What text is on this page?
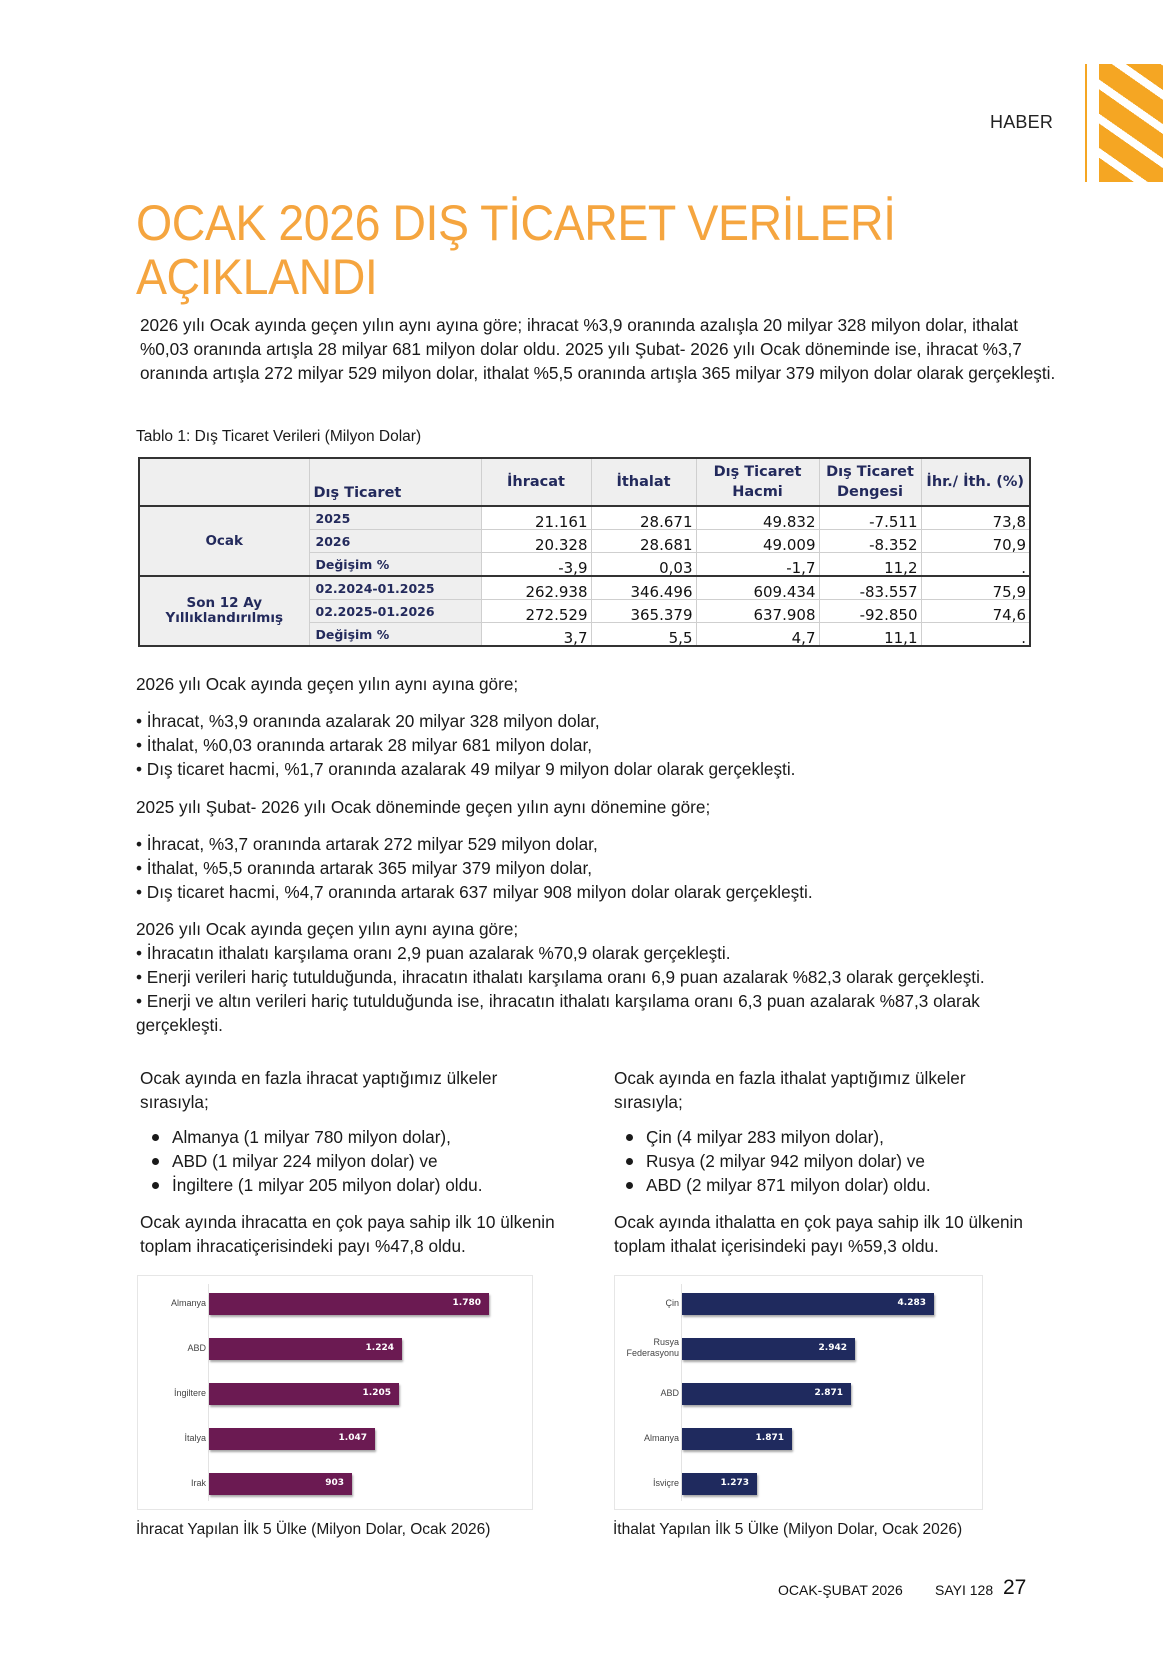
HABER
OCAK 2026 DIŞ TİCARET VERİLERİ
AÇIKLANDI
2026 yılı Ocak ayında geçen yılın aynı ayına göre; ihracat %3,9 oranında azalışla 20 milyar 328 milyon dolar, ithalat %0,03 oranında artışla 28 milyar 681 milyon dolar oldu. 2025 yılı Şubat- 2026 yılı Ocak döneminde ise, ihracat %3,7 oranında artışla 272 milyar 529 milyon dolar, ithalat %5,5 oranında artışla 365 milyar 379 milyon dolar olarak gerçekleşti.
Tablo 1: Dış Ticaret Verileri (Milyon Dolar)
	Dış Ticaret	İhracat	İthalat	Dış Ticaret Hacmi	Dış Ticaret Dengesi	İhr./ İth. (%)
Ocak	2025	21.161	28.671	49.832	-7.511	73,8
	2026	20.328	28.681	49.009	-8.352	70,9
	Değişim %	-3,9	0,03	-1,7	11,2	.
Son 12 Ay Yıllıklandırılmış	02.2024-01.2025	262.938	346.496	609.434	-83.557	75,9
	02.2025-01.2026	272.529	365.379	637.908	-92.850	74,6
	Değişim %	3,7	5,5	4,7	11,1	.
2026 yılı Ocak ayında geçen yılın aynı ayına göre;
• İhracat, %3,9 oranında azalarak 20 milyar 328 milyon dolar,
• İthalat, %0,03 oranında artarak 28 milyar 681 milyon dolar,
• Dış ticaret hacmi, %1,7 oranında azalarak 49 milyar 9 milyon dolar olarak gerçekleşti.
2025 yılı Şubat- 2026 yılı Ocak döneminde geçen yılın aynı dönemine göre;
• İhracat, %3,7 oranında artarak 272 milyar 529 milyon dolar,
• İthalat, %5,5 oranında artarak 365 milyar 379 milyon dolar,
• Dış ticaret hacmi, %4,7 oranında artarak 637 milyar 908 milyon dolar olarak gerçekleşti.
2026 yılı Ocak ayında geçen yılın aynı ayına göre;
• İhracatın ithalatı karşılama oranı 2,9 puan azalarak %70,9 olarak gerçekleşti.
• Enerji verileri hariç tutulduğunda, ihracatın ithalatı karşılama oranı 6,9 puan azalarak %82,3 olarak gerçekleşti.
• Enerji ve altın verileri hariç tutulduğunda ise, ihracatın ithalatı karşılama oranı 6,3 puan azalarak %87,3 olarak gerçekleşti.
Ocak ayında en fazla ihracat yaptığımız ülkeler sırasıyla;
Almanya (1 milyar 780 milyon dolar),
ABD (1 milyar 224 milyon dolar) ve
İngiltere (1 milyar 205 milyon dolar) oldu.
Ocak ayında ihracatta en çok paya sahip ilk 10 ülkenin toplam ihracatiçerisindeki payı %47,8 oldu.
Ocak ayında en fazla ithalat yaptığımız ülkeler sırasıyla;
Çin (4 milyar 283 milyon dolar),
Rusya (2 milyar 942 milyon dolar) ve
ABD (2 milyar 871 milyon dolar) oldu.
Ocak ayında ithalatta en çok paya sahip ilk 10 ülkenin toplam ithalat içerisindeki payı %59,3 oldu.
Almanya	1.780
ABD	1.224
İngiltere	1.205
İtalya	1.047
Irak	903
Çin	4.283
Rusya Federasyonu	2.942
ABD	2.871
Almanya	1.871
İsviçre	1.273
İhracat Yapılan İlk 5 Ülke (Milyon Dolar, Ocak 2026)	İthalat Yapılan İlk 5 Ülke (Milyon Dolar, Ocak 2026)
OCAK-ŞUBAT 2026 SAYI 128 27
